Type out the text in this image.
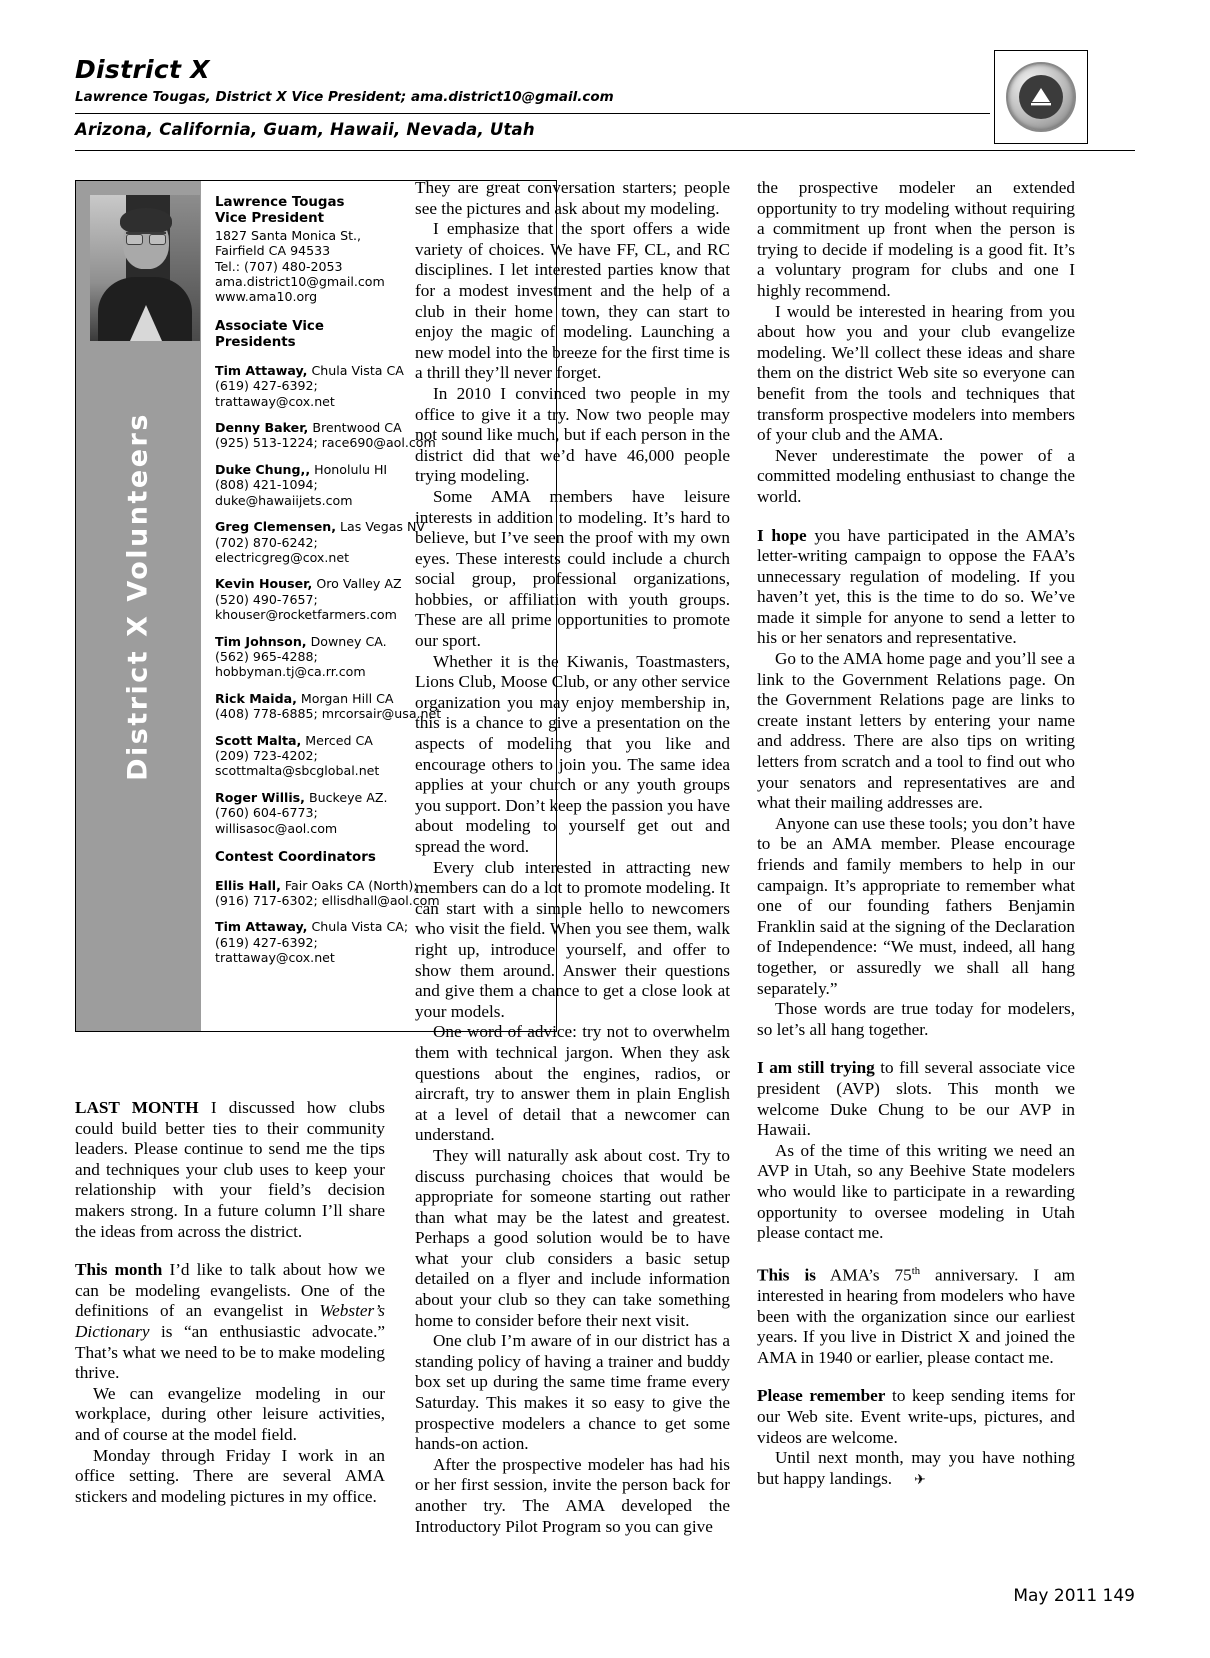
District X
Lawrence Tougas, District X Vice President; ama.district10@gmail.com
Arizona, California, Guam, Hawaii, Nevada, Utah
District X Volunteers
Lawrence Tougas
Vice President
1827 Santa Monica St.,
Fairfield CA 94533
Tel.: (707) 480-2053
ama.district10@gmail.com
www.ama10.org
Associate Vice
Presidents
Tim Attaway, Chula Vista CA
(619) 427-6392;
trattaway@cox.net
Denny Baker, Brentwood CA
(925) 513-1224; race690@aol.com
Duke Chung,, Honolulu HI
(808) 421-1094;
duke@hawaiijets.com
Greg Clemensen, Las Vegas NV
(702) 870-6242;
electricgreg@cox.net
Kevin Houser, Oro Valley AZ
(520) 490-7657;
khouser@rocketfarmers.com
Tim Johnson, Downey CA.
(562) 965-4288;
hobbyman.tj@ca.rr.com
Rick Maida, Morgan Hill CA
(408) 778-6885; mrcorsair@usa.net
Scott Malta, Merced CA
(209) 723-4202;
scottmalta@sbcglobal.net
Roger Willis, Buckeye AZ.
(760) 604-6773;
willisasoc@aol.com
Contest Coordinators
Ellis Hall, Fair Oaks CA (North);
(916) 717-6302; ellisdhall@aol.com
Tim Attaway, Chula Vista CA;
(619) 427-6392;
trattaway@cox.net

LAST MONTH I discussed how clubs could build better ties to their community leaders. Please continue to send me the tips and techniques your club uses to keep your relationship with your field’s decision makers strong. In a future column I’ll share the ideas from across the district.

This month I’d like to talk about how we can be modeling evangelists. One of the definitions of an evangelist in Webster’s Dictionary is “an enthusiastic advocate.” That’s what we need to be to make modeling thrive.

We can evangelize modeling in our workplace, during other leisure activities, and of course at the model field.

Monday through Friday I work in an office setting. There are several AMA stickers and modeling pictures in my office.

They are great conversation starters; people see the pictures and ask about my modeling.

I emphasize that the sport offers a wide variety of choices. We have FF, CL, and RC disciplines. I let interested parties know that for a modest investment and the help of a club in their home town, they can start to enjoy the magic of modeling. Launching a new model into the breeze for the first time is a thrill they’ll never forget.

In 2010 I convinced two people in my office to give it a try. Now two people may not sound like much, but if each person in the district did that we’d have 46,000 people trying modeling.

Some AMA members have leisure interests in addition to modeling. It’s hard to believe, but I’ve seen the proof with my own eyes. These interests could include a church social group, professional organizations, hobbies, or affiliation with youth groups. These are all prime opportunities to promote our sport.

Whether it is the Kiwanis, Toastmasters, Lions Club, Moose Club, or any other service organization you may enjoy membership in, this is a chance to give a presentation on the aspects of modeling that you like and encourage others to join you. The same idea applies at your church or any youth groups you support. Don’t keep the passion you have about modeling to yourself get out and spread the word.

Every club interested in attracting new members can do a lot to promote modeling. It can start with a simple hello to newcomers who visit the field. When you see them, walk right up, introduce yourself, and offer to show them around. Answer their questions and give them a chance to get a close look at your models.

One word of advice: try not to overwhelm them with technical jargon. When they ask questions about the engines, radios, or aircraft, try to answer them in plain English at a level of detail that a newcomer can understand.

They will naturally ask about cost. Try to discuss purchasing choices that would be appropriate for someone starting out rather than what may be the latest and greatest. Perhaps a good solution would be to have what your club considers a basic setup detailed on a flyer and include information about your club so they can take something home to consider before their next visit.

One club I’m aware of in our district has a standing policy of having a trainer and buddy box set up during the same time frame every Saturday. This makes it so easy to give the prospective modelers a chance to get some hands-on action.

After the prospective modeler has had his or her first session, invite the person back for another try. The AMA developed the Introductory Pilot Program so you can give

the prospective modeler an extended opportunity to try modeling without requiring a commitment up front when the person is trying to decide if modeling is a good fit. It’s a voluntary program for clubs and one I highly recommend.

I would be interested in hearing from you about how you and your club evangelize modeling. We’ll collect these ideas and share them on the district Web site so everyone can benefit from the tools and techniques that transform prospective modelers into members of your club and the AMA.

Never underestimate the power of a committed modeling enthusiast to change the world.

I hope you have participated in the AMA’s letter-writing campaign to oppose the FAA’s unnecessary regulation of modeling. If you haven’t yet, this is the time to do so. We’ve made it simple for anyone to send a letter to his or her senators and representative.

Go to the AMA home page and you’ll see a link to the Government Relations page. On the Government Relations page are links to create instant letters by entering your name and address. There are also tips on writing letters from scratch and a tool to find out who your senators and representatives are and what their mailing addresses are.

Anyone can use these tools; you don’t have to be an AMA member. Please encourage friends and family members to help in our campaign. It’s appropriate to remember what one of our founding fathers Benjamin Franklin said at the signing of the Declaration of Independence: “We must, indeed, all hang together, or assuredly we shall all hang separately.”

Those words are true today for modelers, so let’s all hang together.

I am still trying to fill several associate vice president (AVP) slots. This month we welcome Duke Chung to be our AVP in Hawaii.

As of the time of this writing we need an AVP in Utah, so any Beehive State modelers who would like to participate in a rewarding opportunity to oversee modeling in Utah please contact me.

This is AMA’s 75th anniversary. I am interested in hearing from modelers who have been with the organization since our earliest years. If you live in District X and joined the AMA in 1940 or earlier, please contact me.

Please remember to keep sending items for our Web site. Event write-ups, pictures, and videos are welcome.

Until next month, may you have nothing but happy landings. ✈

May 2011 149
